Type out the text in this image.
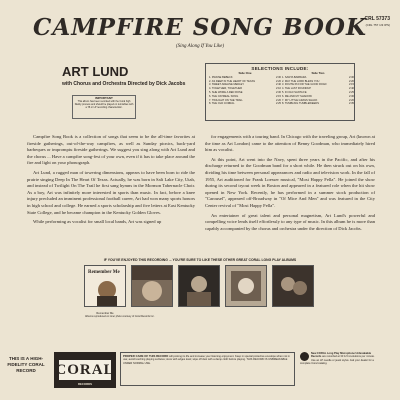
CAMPFIRE SONG BOOK
(Sing Along If You Like)
CRL 57373
(CRL 757 1/3 IPS)
ART LUND
with Chorus and Orchestra Directed by Dick Jacobs
IMPORTANT
This album has been recorded with the Coral high fidelity process and should be played on turntables with a 78 or LP recording characteristic.
SELECTIONS INCLUDE:
Side One
1. PRAISE BEBECK	2:30
2. AS DEEP IN THE HEART OF TEXAS	2:20
3. SWEET ADELINE MEDLEY	2:40
4. TOGETHER, TOGETHER	2:10
5. SHE WORE A RED ROSE	2:30
6. THE OATMEAL SONG	2:15
7. TWILIGHT ON THE TRAIL	2:20
8. THE OLD CORRAL	2:25
Side Two
1. SANTA BARBARA	2:30
2. MAY THE LORD BLESS YOU	2:20
3. ROUTE 66 FOR THE GOOD ROAD	2:15
4. THE LAST ROUNDUP	2:40
5. IN OLD SANTA FE	2:25
6. ME AND MY SHADOW	2:30
7. MY LITTLE GRASS SHACK	2:20
8. TUMBLING TUMBLEWEEDS	2:35

Campfire Song Book is a collection of songs that seem to be the all-time favorites at fireside gatherings, out-of-the-way campfires, as well as Sunday picnics, back-yard barbeques or impromptu fireside gatherings. We suggest you sing along with Art Lund and the chorus ... Have a campfire song-fest of your own, even if it has to take place around the fire and light on your phonograph.

Art Lund, a rugged man of towering dimensions, appears to have been born to ride the prairie singing Deep In The Heart Of Texas. Actually, he was born in Salt Lake City, Utah, and instead of Twilight On The Trail he first sang hymns in the Mormon Tabernacle Choir. As a boy, Art was infinitely more interested in sports than music. In fact, before a knee injury precluded an imminent professional football career, Art had won many sports honors in high school and college. He earned a sports scholarship and five letters at East Kentucky State College, and he became champion in the Kentucky Golden Gloves.

While performing as vocalist for small local bands, Art was signed up

for engagements with a touring band. In Chicago with the traveling group, Art (known at the time as Art London) came to the attention of Benny Goodman, who immediately hired him as vocalist.

At this point, Art went into the Navy, spent three years in the Pacific, and after his discharge returned to the Goodman band for a short while. He then struck out on his own, dividing his time between personal appearances and radio and television work. In the fall of 1955, Art auditioned for Frank Loesser musical, "Most Happy Fella". He joined the show during its second tryout week in Boston and appeared in a featured role when the hit show opened in New York. Recently, he has performed in a summer stock production of "Carousel", appeared off-Broadway in "Of Mice And Men" and was featured in the City Center revival of "Most Happy Fella".

An entertainer of great talent and personal magnetism, Art Lund's powerful and compelling voice lends itself effortlessly to any type of music. In this album he is more than capably accompanied by the chorus and orchestra under the direction of Dick Jacobs.

IF YOU'VE ENJOYED THIS RECORDING ... YOU'RE SURE TO LIKE THESE OTHER GREAT CORAL LONG PLAY ALBUMS
Remember Me
Remember Me
Albums reproduced on inner photo courtesy of Coral Records Inc.
THIS IS A HIGH-FIDELITY CORAL RECORD	CORAL
RECORDS
PROPER CARE OF THIS RECORD will prolong its life and increase your listening enjoyment. Keep in special protective envelope when not in use; avoid touching playing surfaces; store with edges level; wipe off dust with a damp cloth before playing. THIS RECORD IS UNBREAKABLE UNDER NORMAL USE.
New CORAL Long Play Microphone Unbreakable Records are recorded at 33 1/3 revolutions per minute. Use an LP needle or jewel stylus. Ask your dealer for a complete Coral catalog.
